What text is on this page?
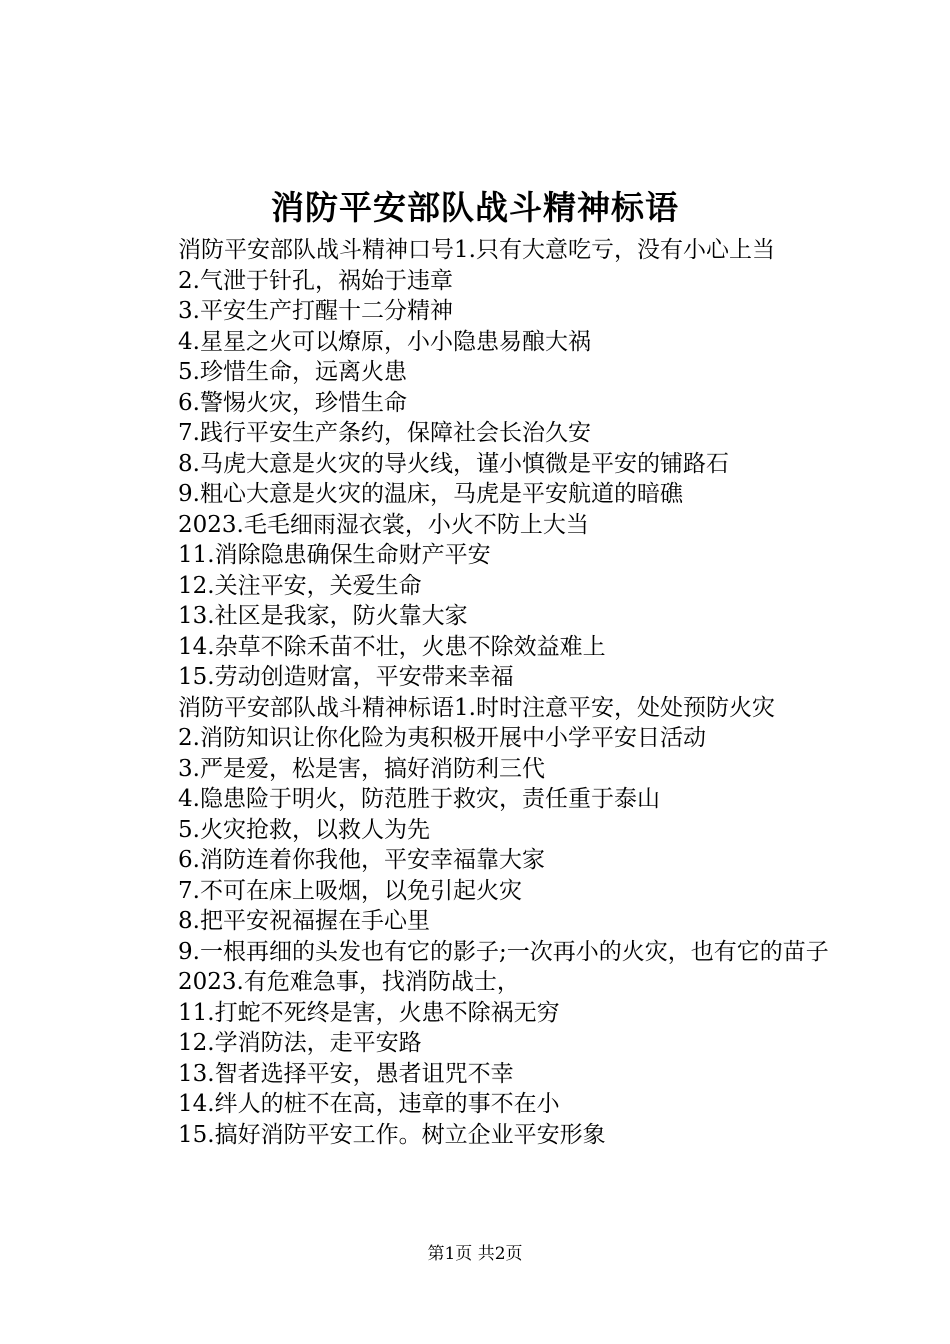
消防平安部队战斗精神标语

消防平安部队战斗精神口号1.只有大意吃亏，没有小心上当

2.气泄于针孔，祸始于违章

3.平安生产打醒十二分精神

4.星星之火可以燎原，小小隐患易酿大祸

5.珍惜生命，远离火患

6.警惕火灾，珍惜生命

7.践行平安生产条约，保障社会长治久安

8.马虎大意是火灾的导火线，谨小慎微是平安的铺路石

9.粗心大意是火灾的温床，马虎是平安航道的暗礁

2023.毛毛细雨湿衣裳，小火不防上大当

11.消除隐患确保生命财产平安

12.关注平安，关爱生命

13.社区是我家，防火靠大家

14.杂草不除禾苗不壮，火患不除效益难上

15.劳动创造财富，平安带来幸福

消防平安部队战斗精神标语1.时时注意平安，处处预防火灾

2.消防知识让你化险为夷积极开展中小学平安日活动

3.严是爱，松是害，搞好消防利三代

4.隐患险于明火，防范胜于救灾，责任重于泰山

5.火灾抢救，以救人为先

6.消防连着你我他，平安幸福靠大家

7.不可在床上吸烟，以免引起火灾

8.把平安祝福握在手心里

9.一根再细的头发也有它的影子;一次再小的火灾，也有它的苗子

2023.有危难急事，找消防战士，

11.打蛇不死终是害，火患不除祸无穷

12.学消防法，走平安路

13.智者选择平安，愚者诅咒不幸

14.绊人的桩不在高，违章的事不在小

15.搞好消防平安工作。树立企业平安形象

第1页 共2页
